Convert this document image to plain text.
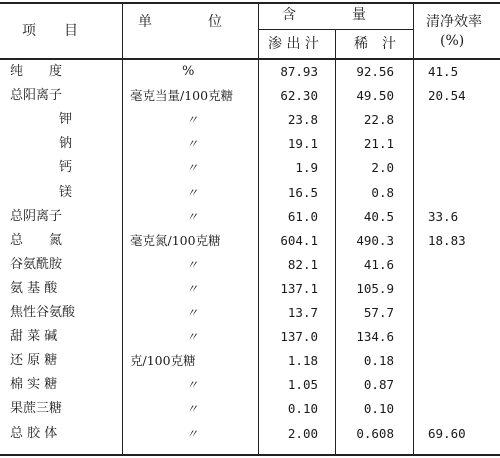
项　　目
单　　　　位	含　　　　量
渗 出 汁	稀　汁
清净效率
(%)
纯　　度	%	87.93	92.56	41.5
总阳离子	毫克当量/100克糖	62.30	49.50	20.54
钾	〃	23.8	22.8
钠	〃	19.1	21.1
钙	〃	1.9	2.0
镁	〃	16.5	0.8
总阴离子	〃	61.0	40.5	33.6
总　　氮	毫克氮/100克糖	604.1	490.3	18.83
谷氨酰胺	〃	82.1	41.6
氨 基 酸	〃	137.1	105.9
焦性谷氨酸	〃	13.7	57.7
甜 菜 碱	〃	137.0	134.6
还 原 糖	克/100克糖	1.18	0.18
棉 实 糖	〃	1.05	0.87
果蔗三糖	〃	0.10	0.10
总 胶 体	〃	2.00	0.608	69.60
